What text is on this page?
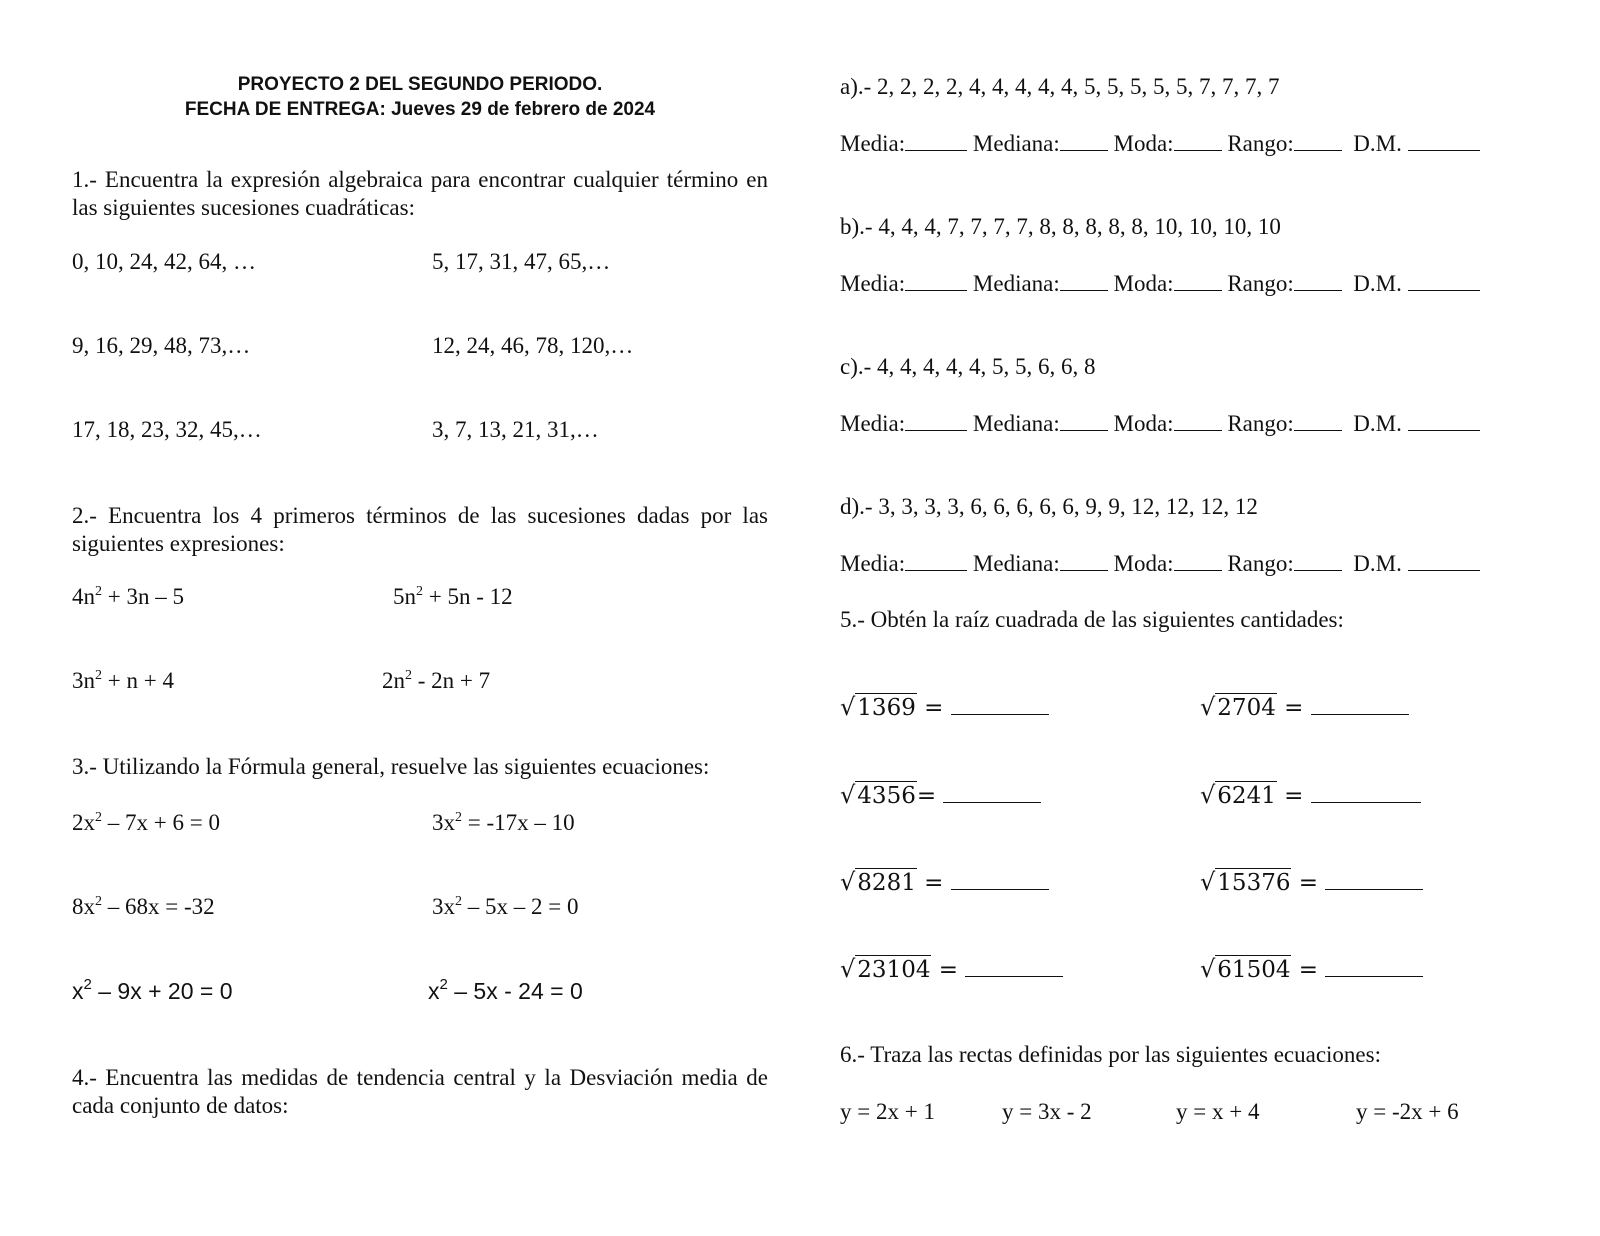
PROYECTO 2 DEL SEGUNDO PERIODO.
FECHA DE ENTREGA: Jueves 29 de febrero de 2024
1.- Encuentra la expresión algebraica para encontrar cualquier término en las siguientes sucesiones cuadráticas:
0, 10, 24, 42, 64, …	5, 17, 31, 47, 65,…
9, 16, 29, 48, 73,…	12, 24, 46, 78, 120,…
17, 18, 23, 32, 45,…	3, 7, 13, 21, 31,…
2.- Encuentra los 4 primeros términos de las sucesiones dadas por las siguientes expresiones:
$4n^2 + 3n - 5$	$5n^2 + 5n - 12$
$3n^2 + n + 4$	$2n^2 - 2n + 7$
3.- Utilizando la Fórmula general, resuelve las siguientes ecuaciones:
$2x^2 - 7x + 6 = 0$	$3x^2 = -17x - 10$
$8x^2 - 68x = -32$	$3x^2 - 5x - 2 = 0$
$x^2 - 9x + 20 = 0$	$x^2 - 5x - 24 = 0$
4.- Encuentra las medidas de tendencia central y la Desviación media de cada conjunto de datos:
a).- 2, 2, 2, 2, 4, 4, 4, 4, 4, 5, 5, 5, 5, 5, 7, 7, 7, 7
Media:	Mediana: Moda: Rango:	D.M.
b).- 4, 4, 4, 7, 7, 7, 7, 8, 8, 8, 8, 8, 10, 10, 10, 10
Media:	Mediana: Moda: Rango:	D.M.
c).- 4, 4, 4, 4, 4, 5, 5, 6, 6, 8
Media:	Mediana: Moda: Rango:	D.M.
d).- 3, 3, 3, 3, 6, 6, 6, 6, 6, 9, 9, 12, 12, 12, 12
Media:	Mediana: Moda: Rango:	D.M.
5.- Obtén la raíz cuadrada de las siguientes cantidades:
√1369 =	√2704 =
√4356=	√6241 =
√8281 =	√15376 =
√23104 =	√61504 =
6.- Traza las rectas definidas por las siguientes ecuaciones:
y = 2x + 1	y = 3x - 2	y = x + 4	y = -2x + 6
